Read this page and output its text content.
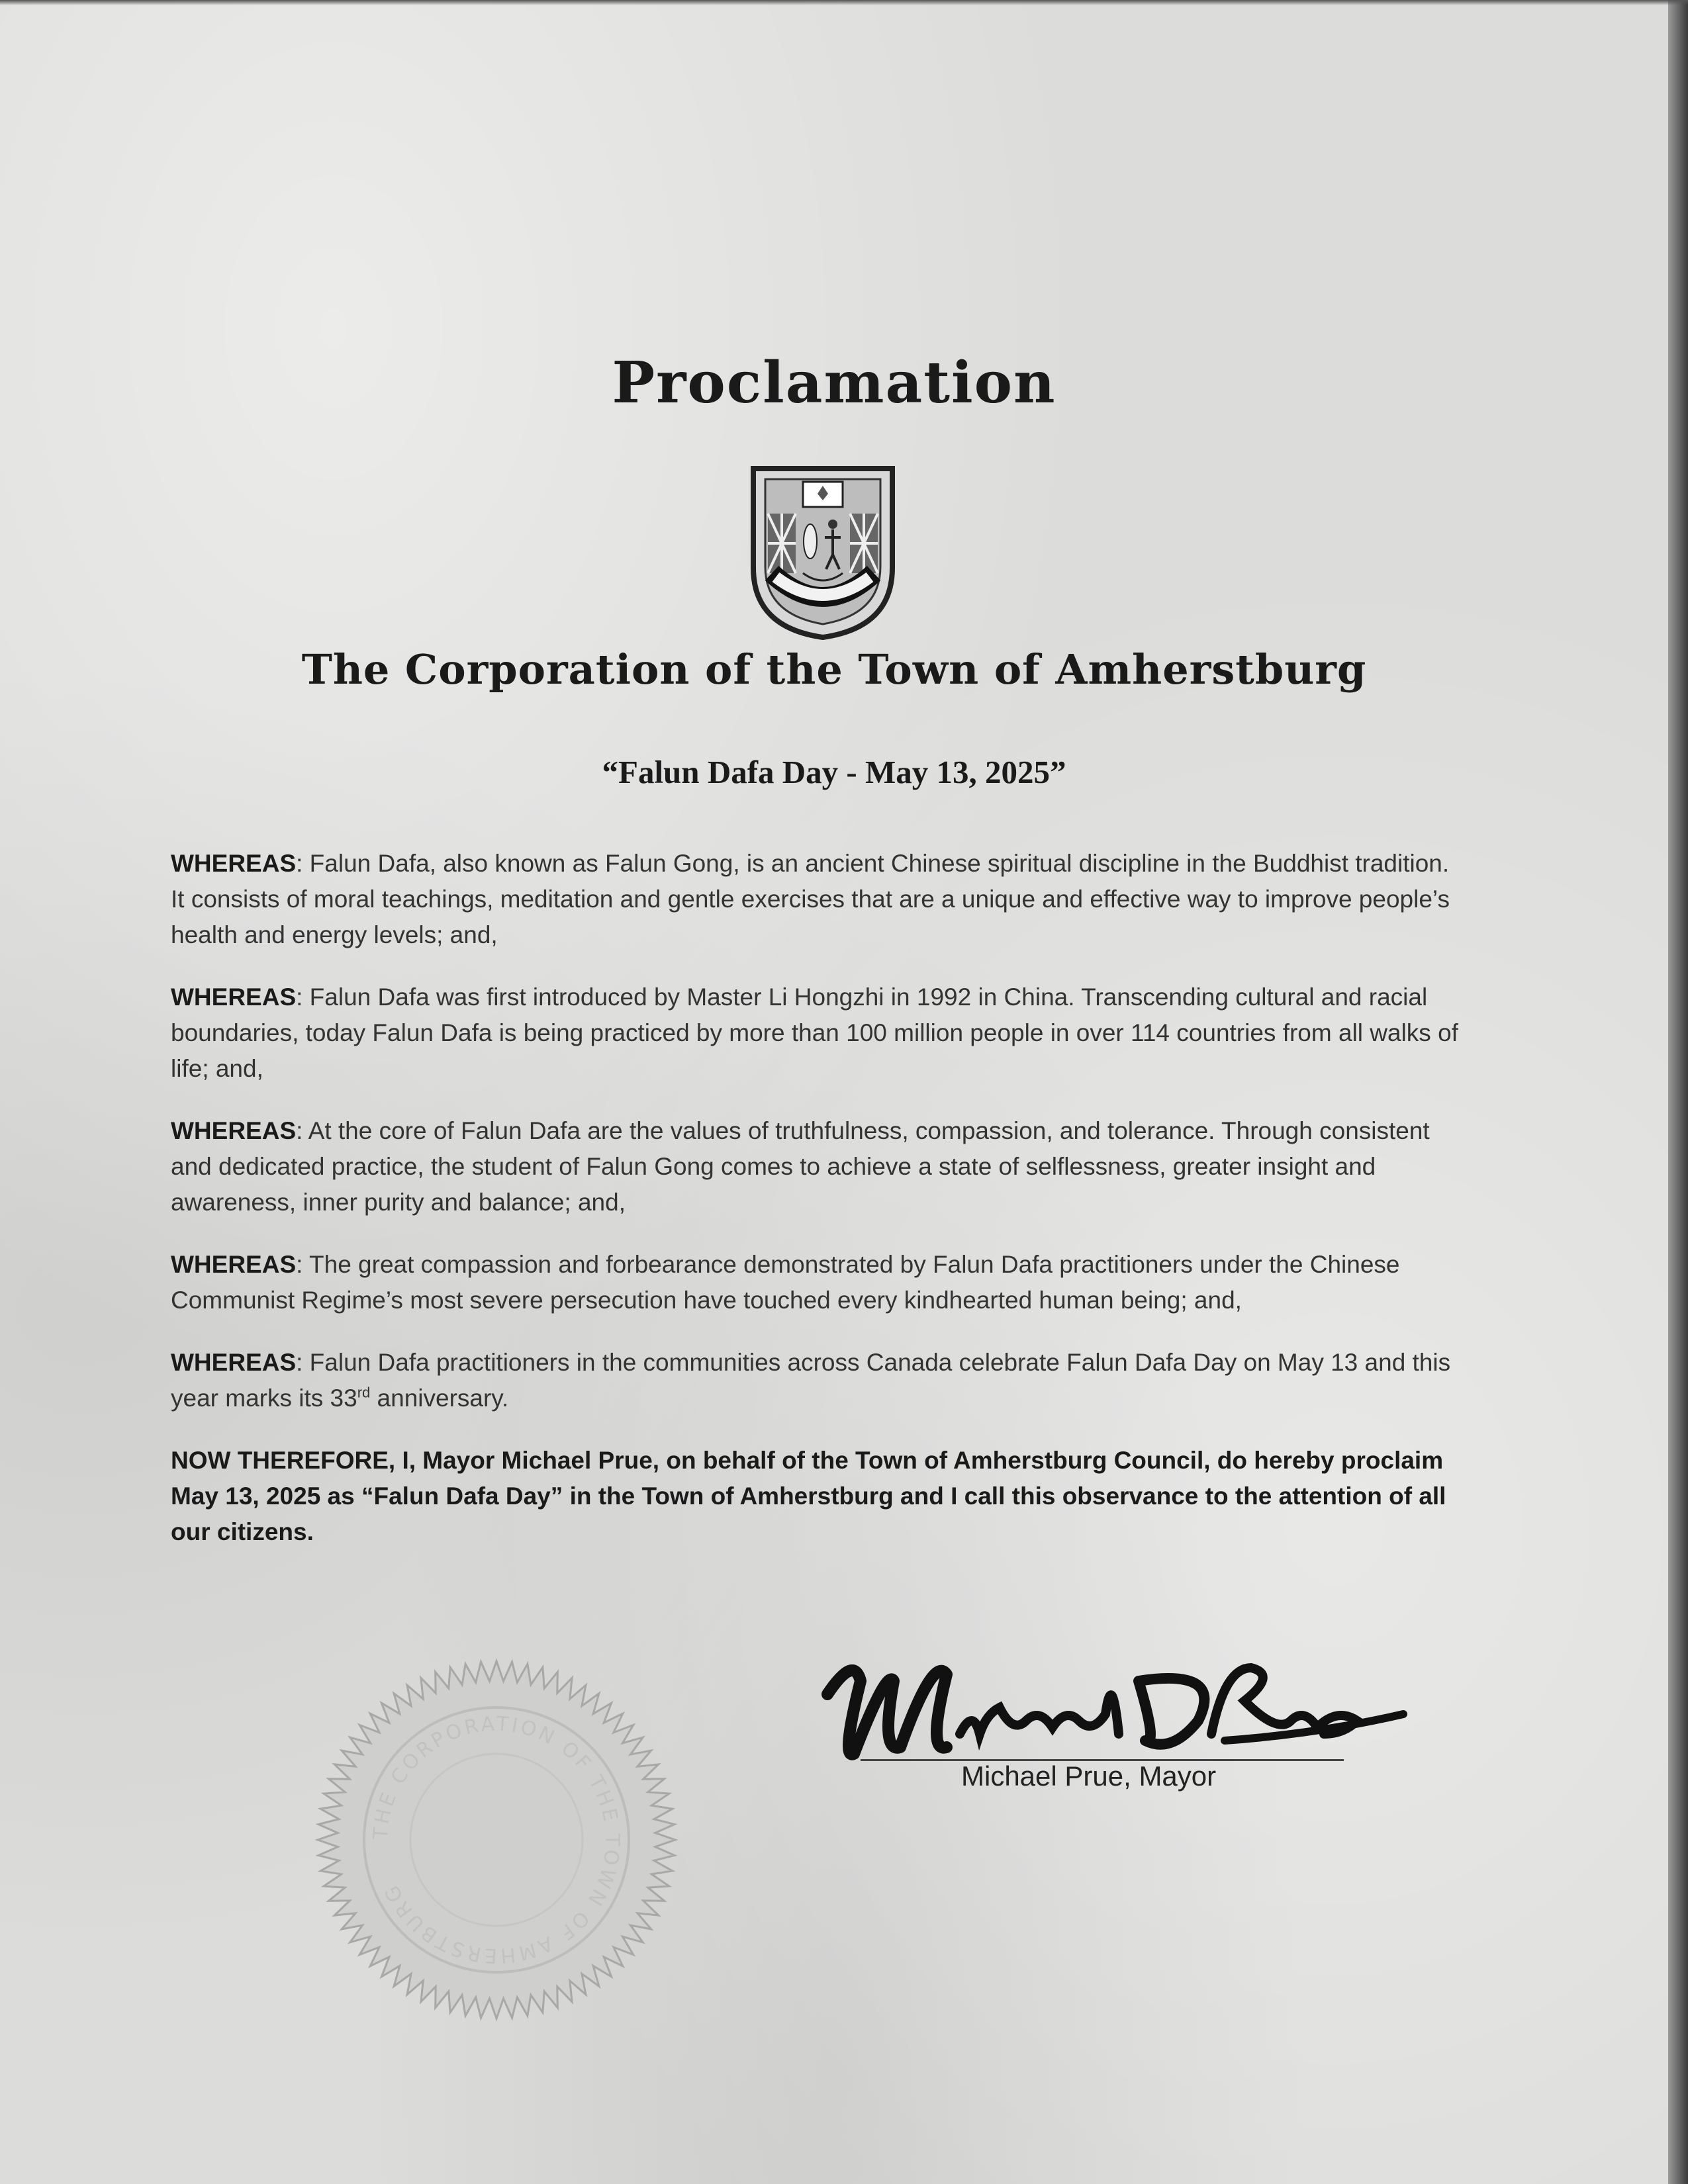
Proclamation
The Corporation of the Town of Amherstburg
“Falun Dafa Day - May 13, 2025”

WHEREAS: Falun Dafa, also known as Falun Gong, is an ancient Chinese spiritual discipline in the Buddhist tradition. It consists of moral teachings, meditation and gentle exercises that are a unique and effective way to improve people’s health and energy levels; and,

WHEREAS: Falun Dafa was first introduced by Master Li Hongzhi in 1992 in China. Transcending cultural and racial boundaries, today Falun Dafa is being practiced by more than 100 million people in over 114 countries from all walks of life; and,

WHEREAS: At the core of Falun Dafa are the values of truthfulness, compassion, and tolerance. Through consistent and dedicated practice, the student of Falun Gong comes to achieve a state of selflessness, greater insight and awareness, inner purity and balance; and,

WHEREAS: The great compassion and forbearance demonstrated by Falun Dafa practitioners under the Chinese Communist Regime’s most severe persecution have touched every kindhearted human being; and,

WHEREAS: Falun Dafa practitioners in the communities across Canada celebrate Falun Dafa Day on May 13 and this year marks its 33rd anniversary.

NOW THEREFORE, I, Mayor Michael Prue, on behalf of the Town of Amherstburg Council, do hereby proclaim May 13, 2025 as “Falun Dafa Day” in the Town of Amherstburg and I call this observance to the attention of all our citizens.

THE CORPORATION OF THE TOWN OF AMHERSTBURG
Michael Prue, Mayor
